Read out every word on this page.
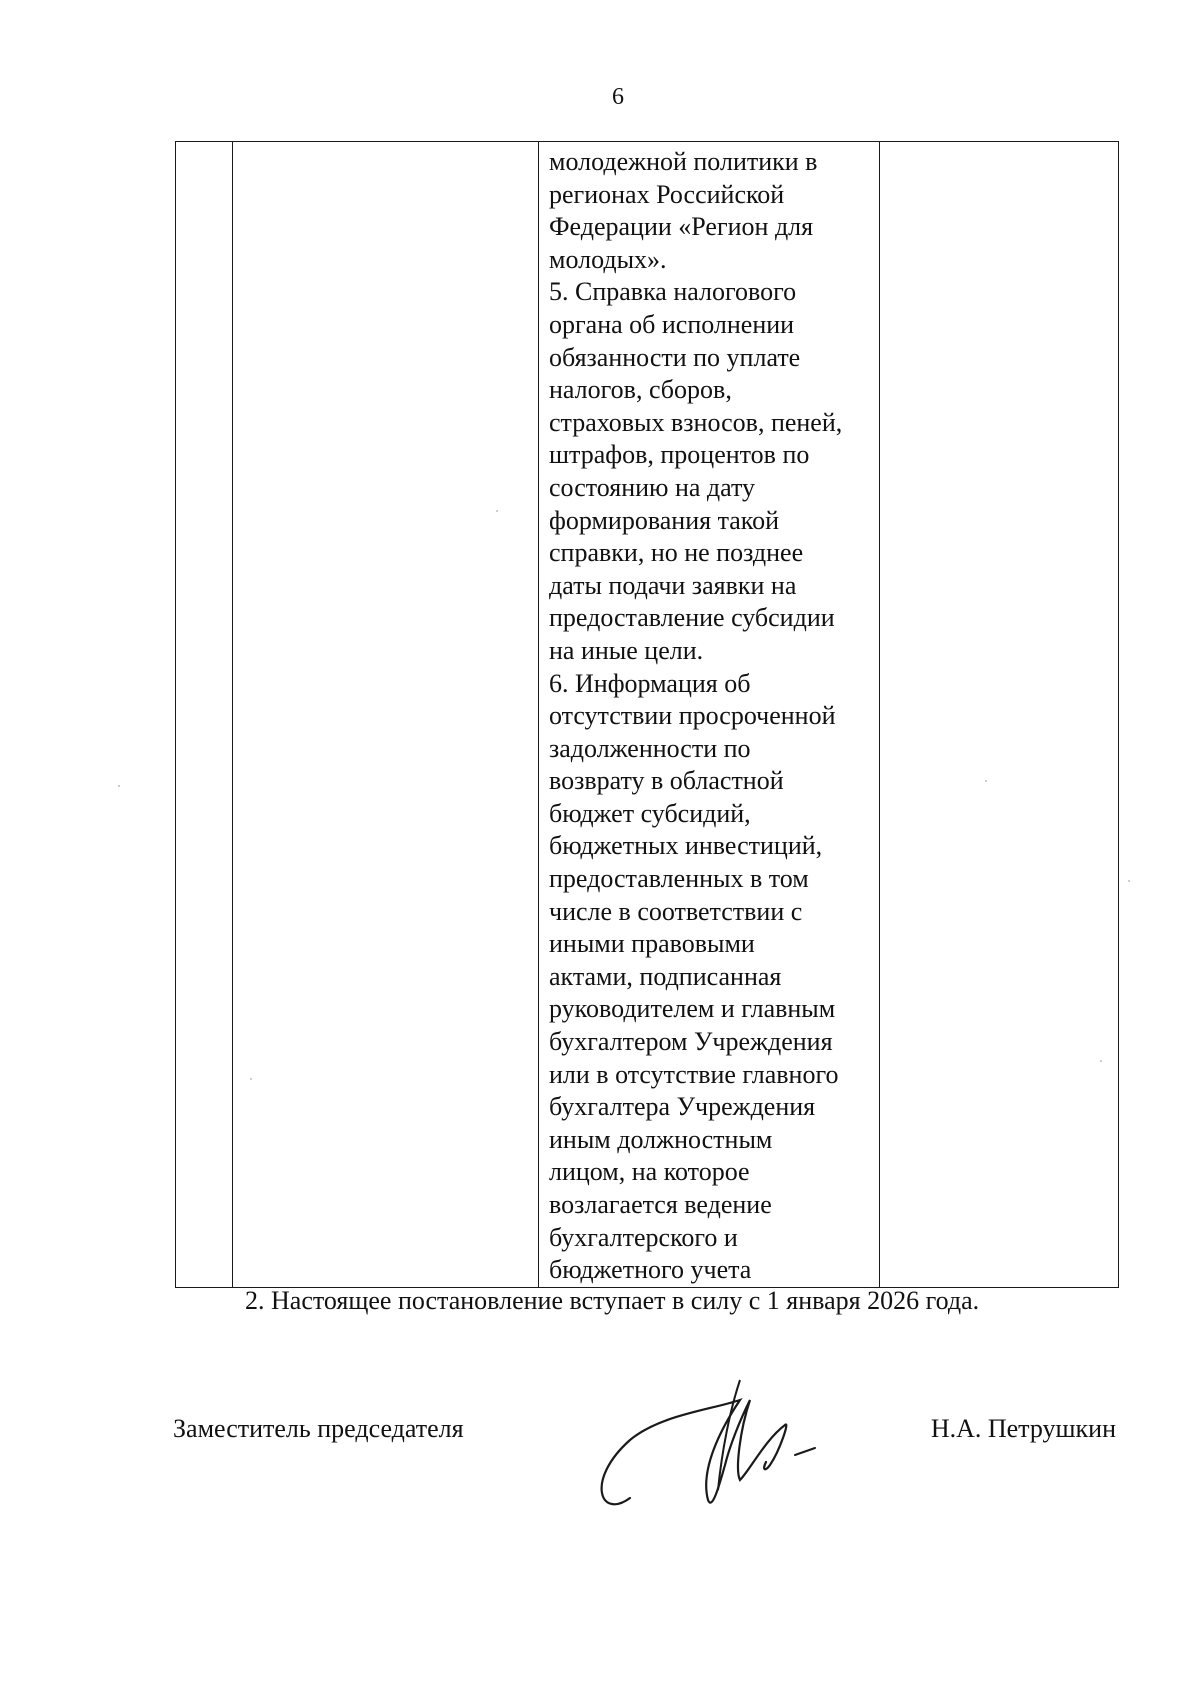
6

молодежной политики в
регионах Российской
Федерации «Регион для
молодых».
5. Справка налогового
органа об исполнении
обязанности по уплате
налогов, сборов,
страховых взносов, пеней,
штрафов, процентов по
состоянию на дату
формирования такой
справки, но не позднее
даты подачи заявки на
предоставление субсидии
на иные цели.
6. Информация об
отсутствии просроченной
задолженности по
возврату в областной
бюджет субсидий,
бюджетных инвестиций,
предоставленных в том
числе в соответствии с
иными правовыми
актами, подписанная
руководителем и главным
бухгалтером Учреждения
или в отсутствие главного
бухгалтера Учреждения
иным должностным
лицом, на которое
возлагается ведение
бухгалтерского и
бюджетного учета

2. Настоящее постановление вступает в силу с 1 января 2026 года.
Заместитель председателя	Н.А. Петрушкин
